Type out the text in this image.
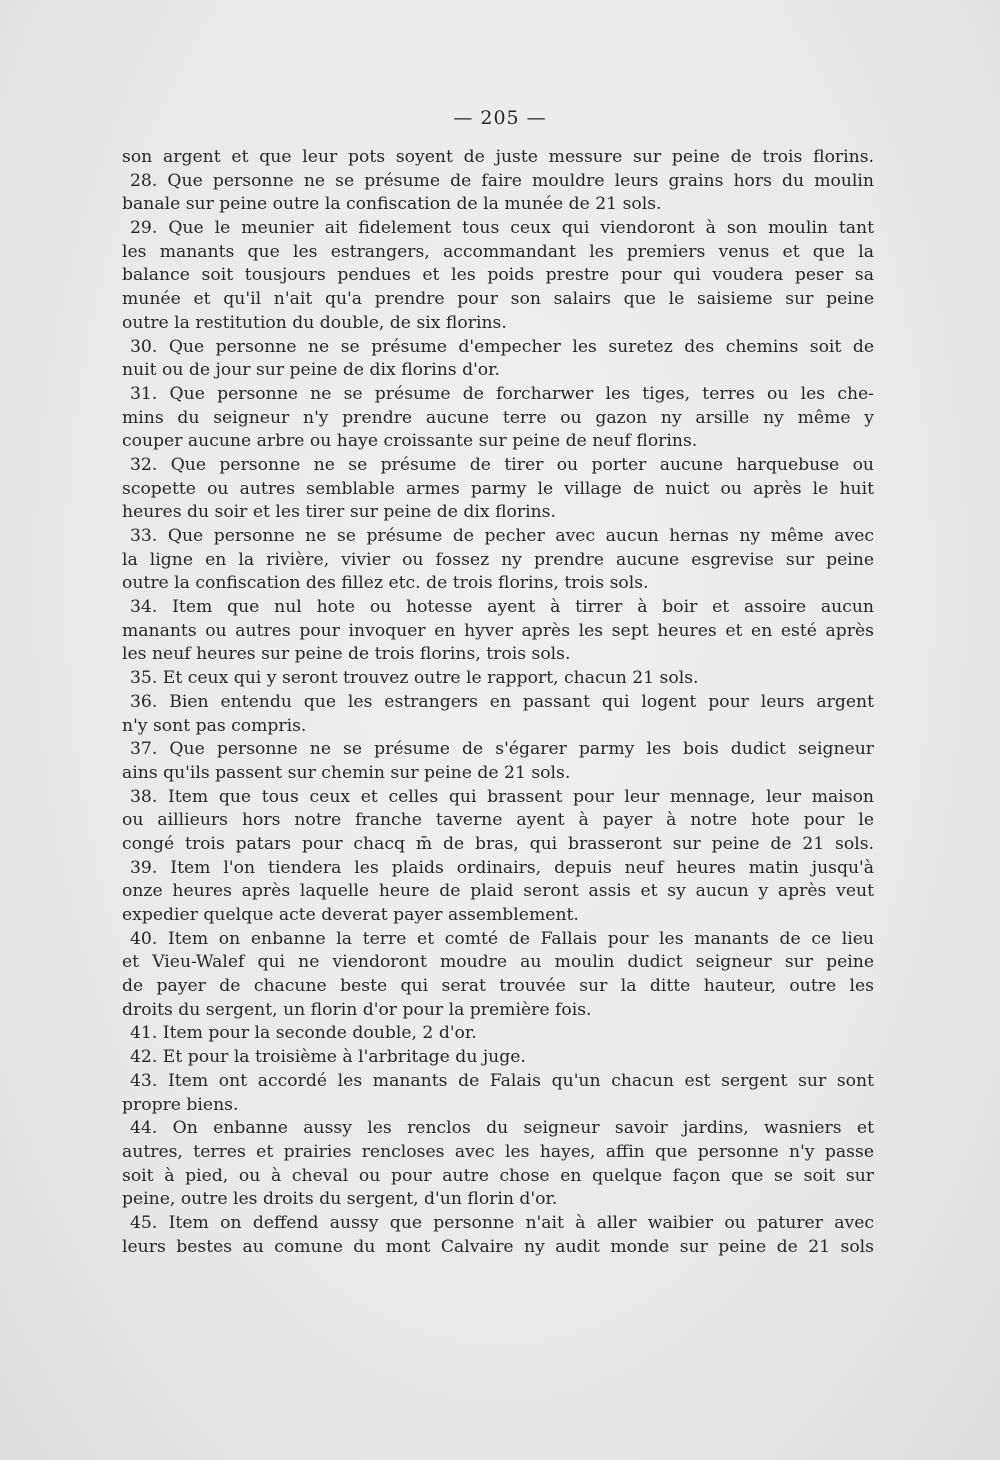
— 205 —
son argent et que leur pots soyent de juste messure sur peine de trois florins.
28. Que personne ne se présume de faire mouldre leurs grains hors du moulin
banale sur peine outre la confiscation de la munée de 21 sols.
29. Que le meunier ait fidelement tous ceux qui viendoront à son moulin tant
les manants que les estrangers, accommandant les premiers venus et que la
balance soit tousjours pendues et les poids prestre pour qui voudera peser sa
munée et qu'il n'ait qu'a prendre pour son salairs que le saisieme sur peine
outre la restitution du double, de six florins.
30. Que personne ne se présume d'empecher les suretez des chemins soit de
nuit ou de jour sur peine de dix florins d'or.
31. Que personne ne se présume de forcharwer les tiges, terres ou les che-
mins du seigneur n'y prendre aucune terre ou gazon ny arsille ny même y
couper aucune arbre ou haye croissante sur peine de neuf florins.
32. Que personne ne se présume de tirer ou porter aucune harquebuse ou
scopette ou autres semblable armes parmy le village de nuict ou après le huit
heures du soir et les tirer sur peine de dix florins.
33. Que personne ne se présume de pecher avec aucun hernas ny même avec
la ligne en la rivière, vivier ou fossez ny prendre aucune esgrevise sur peine
outre la confiscation des fillez etc. de trois florins, trois sols.
34. Item que nul hote ou hotesse ayent à tirrer à boir et assoire aucun
manants ou autres pour invoquer en hyver après les sept heures et en esté après
les neuf heures sur peine de trois florins, trois sols.
35. Et ceux qui y seront trouvez outre le rapport, chacun 21 sols.
36. Bien entendu que les estrangers en passant qui logent pour leurs argent
n'y sont pas compris.
37. Que personne ne se présume de s'égarer parmy les bois dudict seigneur
ains qu'ils passent sur chemin sur peine de 21 sols.
38. Item que tous ceux et celles qui brassent pour leur mennage, leur maison
ou aillieurs hors notre franche taverne ayent à payer à notre hote pour le
congé trois patars pour chacq m̄ de bras, qui brasseront sur peine de 21 sols.
39. Item l'on tiendera les plaids ordinairs, depuis neuf heures matin jusqu'à
onze heures après laquelle heure de plaid seront assis et sy aucun y après veut
expedier quelque acte deverat payer assemblement.
40. Item on enbanne la terre et comté de Fallais pour les manants de ce lieu
et Vieu-Walef qui ne viendoront moudre au moulin dudict seigneur sur peine
de payer de chacune beste qui serat trouvée sur la ditte hauteur, outre les
droits du sergent, un florin d'or pour la première fois.
41. Item pour la seconde double, 2 d'or.
42. Et pour la troisième à l'arbritage du juge.
43. Item ont accordé les manants de Falais qu'un chacun est sergent sur sont
propre biens.
44. On enbanne aussy les renclos du seigneur savoir jardins, wasniers et
autres, terres et prairies rencloses avec les hayes, affin que personne n'y passe
soit à pied, ou à cheval ou pour autre chose en quelque façon que se soit sur
peine, outre les droits du sergent, d'un florin d'or.
45. Item on deffend aussy que personne n'ait à aller waibier ou paturer avec
leurs bestes au comune du mont Calvaire ny audit monde sur peine de 21 sols
